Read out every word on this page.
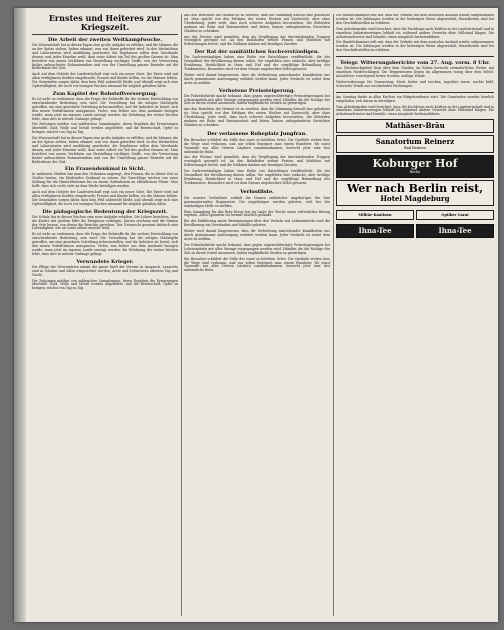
Ernstes und Heiteres zur Kriegszeit.
Die Arbeit der zweiten Weltkampfwoche.
Die Wissenschaft hat in diesen Tagen eine große Aufgabe zu erfüllen, und die Männer, die an der Spitze stehen, haben erkannt, was von ihnen gefordert wird. In den Werkstätten und Laboratorien wird unablässig gearbeitet; die Ergebnisse sollen dem Vaterlande dienen, und jeder Einzelne weiß, dass seine Arbeit ein Teil des großen Ganzen ist. Man berichtet von neuen Verfahren zur Herstellung wichtiger Stoffe, von der Verwertung bisher unbeachteter Rohmaterialien und von der Umstellung ganzer Betriebe auf die Bedürfnisse der Zeit.
Auch auf dem Gebiete der Landwirtschaft regt sich ein neuer Geist. Die Ernte wird mit allen verfügbaren Kräften eingebracht; Frauen und Kinder helfen, wo die Männer fehlen. Die Gemeinden sorgen dafür, dass kein Feld unbestellt bleibt, und überall zeigt sich eine Opferwilligkeit, die noch vor wenigen Wochen niemand für möglich gehalten hätte.
Zum Kapitel der Rohstoffversorgung.
Es ist nicht zu verkennen, dass die Frage der Rohstoffe für die weitere Entwicklung von entscheidender Bedeutung sein wird. Die Verwaltung hat die nötigen Maßregeln getroffen, um eine geordnete Verteilung sicherzustellen, und die Industrie ist bereit, sich den neuen Verhältnissen anzupassen. Vieles, was früher aus dem Auslande bezogen wurde, muss jetzt im eigenen Lande erzeugt werden; die Erfahrung der ersten Wochen lehrt, dass dies in weitem Umfange gelingt.
Die Zeitungen melden von zahlreichen Sammlungen, deren Ergebnis die Erwartungen übertrifft. Gold, Wolle und Metall werden abgeliefert, und die Bereitschaft, Opfer zu bringen, wächst von Tag zu Tag.
Die Wissenschaft hat in diesen Tagen eine große Aufgabe zu erfüllen, und die Männer, die an der Spitze stehen, haben erkannt, was von ihnen gefordert wird. In den Werkstätten und Laboratorien wird unablässig gearbeitet; die Ergebnisse sollen dem Vaterlande dienen, und jeder Einzelne weiß, dass seine Arbeit ein Teil des großen Ganzen ist. Man berichtet von neuen Verfahren zur Herstellung wichtiger Stoffe, von der Verwertung bisher unbeachteter Rohmaterialien und von der Umstellung ganzer Betriebe auf die Bedürfnisse der Zeit.
Ein Frauendenkmal in Sicht.
In mehreren Städten hat man den Gedanken angeregt, den Frauen, die in dieser Zeit so Großes leisten, ein bleibendes Denkmal zu setzen. Die Vorschläge reichen von einer Stiftung für die Hinterbliebenen bis zu einem Gedenkstein an öffentlichem Platze. Man hofft, dass sich recht viele an dem Werke beteiligen werden.
Auch auf dem Gebiete der Landwirtschaft regt sich ein neuer Geist. Die Ernte wird mit allen verfügbaren Kräften eingebracht; Frauen und Kinder helfen, wo die Männer fehlen. Die Gemeinden sorgen dafür, dass kein Feld unbestellt bleibt, und überall zeigt sich eine Opferwilligkeit, die noch vor wenigen Wochen niemand für möglich gehalten hätte.
Die pädagogische Bedeutung der Kriegszeit.
Die Schule hat in diesen Wochen eine neue Aufgabe erhalten. Die Lehrer berichten, dass die Kinder mit großem Eifer die Ereignisse verfolgen, Karten zeichnen und die Namen der Orte lernen, von denen die Berichte sprechen. Der Unterricht gewinnt dadurch eine Lebendigkeit, wie sie sonst selten erreicht wird.
Es ist nicht zu verkennen, dass die Frage der Rohstoffe für die weitere Entwicklung von entscheidender Bedeutung sein wird. Die Verwaltung hat die nötigen Maßregeln getroffen, um eine geordnete Verteilung sicherzustellen, und die Industrie ist bereit, sich den neuen Verhältnissen anzupassen. Vieles, was früher aus dem Auslande bezogen wurde, muss jetzt im eigenen Lande erzeugt werden; die Erfahrung der ersten Wochen lehrt, dass dies in weitem Umfange gelingt.
Verwundete Krieger.
Die Pflege der Verwundeten nimmt die ganze Kraft der Vereine in Anspruch. Lazarette sind in Schulen und Sälen eingerichtet worden; Ärzte und Schwestern arbeiten Tag und Nacht.
Die Zeitungen melden von zahlreichen Sammlungen, deren Ergebnis die Erwartungen übertrifft. Gold, Wolle und Metall werden abgeliefert, und die Bereitschaft, Opfer zu bringen, wächst von Tag zu Tag.
Aus den Berichten der Heimat ist zu ersehen, dass die Stimmung überall eine gehobene ist. Man spricht von den Erfolgen der ersten Wochen mit Zuversicht, aber ohne Überhebung; jeder weiß, dass noch schwere Aufgaben bevorstehen. Die Behörden mahnen zur Ruhe und Besonnenheit und bitten, keinen unbegründeten Gerüchten Glauben zu schenken.
Aus der Provinz wird gemeldet, dass die Verpflegung der durchziehenden Truppen vorzüglich geregelt ist. An den Bahnhöfen stehen Frauen und Mädchen mit Erfrischungen bereit, und die Soldaten danken mit freudigen Zurufen.
Der Rat der sanitätlichen Sachverständigen.
Die Sachverständigen haben eine Reihe von Ratschlägen veröffentlicht, die der Gesundheit der Bevölkerung dienen sollen. Sie empfehlen eine einfache, aber kräftige Ernährung, Reinlichkeit in Haus und Hof und die sorgfältige Behandlung des Trinkwassers. Besonders wird vor dem Genuss ungekochter Milch gewarnt.
Weiter wird darauf hingewiesen, dass die Verbreitung ansteckender Krankheiten nur durch gemeinsame Anstrengung verhütet werden kann. Jeder Verdacht ist sofort dem Arzte zu melden.
Verbotene Preissteigerung.
Die Polizeibehörde macht bekannt, dass gegen ungerechtfertigte Preissteigerungen bei Lebensmitteln mit aller Strenge vorgegangen werden wird. Händler, die die Notlage der Zeit zu ihrem Vorteil ausnutzen, haben empfindliche Strafen zu gewärtigen.
Aus den Berichten der Heimat ist zu ersehen, dass die Stimmung überall eine gehobene ist. Man spricht von den Erfolgen der ersten Wochen mit Zuversicht, aber ohne Überhebung; jeder weiß, dass noch schwere Aufgaben bevorstehen. Die Behörden mahnen zur Ruhe und Besonnenheit und bitten, keinen unbegründeten Gerüchten Glauben zu schenken.
Der verlassene Ruheplatz Jungfrau.
Ein Besucher schildert die Stille des sonst so belebten Ortes. Die Gasthöfe stehen leer, die Wege sind verlassen, und nur selten begegnet man einem Wanderer. Wo sonst Tausende aus aller Herren Ländern zusammenkamen, herrscht jetzt eine fast unheimliche Ruhe.
Aus der Provinz wird gemeldet, dass die Verpflegung der durchziehenden Truppen vorzüglich geregelt ist. An den Bahnhöfen stehen Frauen und Mädchen mit Erfrischungen bereit, und die Soldaten danken mit freudigen Zurufen.
Die Sachverständigen haben eine Reihe von Ratschlägen veröffentlicht, die der Gesundheit der Bevölkerung dienen sollen. Sie empfehlen eine einfache, aber kräftige Ernährung, Reinlichkeit in Haus und Hof und die sorgfältige Behandlung des Trinkwassers. Besonders wird vor dem Genuss ungekochter Milch gewarnt.
Verlustliste.
Die neueste Verlustliste enthält die Namen zahlreicher Angehöriger der hier garnisonierenden Regimenter. Die Angehörigen werden gebeten, sich bei der zuständigen Stelle zu melden.
Eine Sammlung für das Rote Kreuz hat im Laufe der Woche einen erfreulichen Betrag ergeben. Allen Spendern sei hiermit herzlich gedankt.
Bei der Einführung neuer Bestimmungen über den Verkehr mit Lebensmitteln wird die Bevölkerung um Verständnis und Mithilfe gebeten.
Weiter wird darauf hingewiesen, dass die Verbreitung ansteckender Krankheiten nur durch gemeinsame Anstrengung verhütet werden kann. Jeder Verdacht ist sofort dem Arzte zu melden.
Die Polizeibehörde macht bekannt, dass gegen ungerechtfertigte Preissteigerungen bei Lebensmitteln mit aller Strenge vorgegangen werden wird. Händler, die die Notlage der Zeit zu ihrem Vorteil ausnutzen, haben empfindliche Strafen zu gewärtigen.
Ein Besucher schildert die Stille des sonst so belebten Ortes. Die Gasthöfe stehen leer, die Wege sind verlassen, und nur selten begegnet man einem Wanderer. Wo sonst Tausende aus aller Herren Ländern zusammenkamen, herrscht jetzt eine fast unheimliche Ruhe.
Die Handelskammer teilt mit, dass der Verkehr mit dem neutralen Ausland wieder aufgenommen worden ist. Die Zahlungen werden in der bisherigen Weise abgewickelt; Einzelheiten sind bei den Geschäftsstellen zu erfahren.
Vom Arbeitsmarkte wird berichtet, dass die Nachfrage nach Kräften in der Landwirtschaft und in einzelnen Industriezweigen lebhaft ist, während andere Gewerbe über Stillstand klagen. Die Arbeitsnachweise sind bemüht, einen Ausgleich herbeizuführen.
Die Handelskammer teilt mit, dass der Verkehr mit dem neutralen Ausland wieder aufgenommen worden ist. Die Zahlungen werden in der bisherigen Weise abgewickelt; Einzelheiten sind bei den Geschäftsstellen zu erfahren.
Telegr. Witterungsberichte vom 27. Aug. vorm. 8 Uhr.
Das Hochdruckgebiet liegt über dem Norden; im Süden herrscht veränderliches Wetter mit einzelnen Niederschlägen. Die Temperaturen liegen im allgemeinen wenig über dem Mittel. Aussichten: vorwiegend heiter, trocken, mäßige Winde.
Wettervorhersage für Donnerstag: Meist heiter und trocken, tagsüber warm, nachts kühl. Schwache Winde aus wechselnden Richtungen.
Am Sonntag findet in allen Kirchen ein Bittgottesdienst statt. Die Gemeinden werden herzlich eingeladen, sich daran zu beteiligen.
Vom Arbeitsmarkte wird berichtet, dass die Nachfrage nach Kräften in der Landwirtschaft und in einzelnen Industriezweigen lebhaft ist, während andere Gewerbe über Stillstand klagen. Die Arbeitsnachweise sind bemüht, einen Ausgleich herbeizuführen.
Mathäser-Bräu
Sanatorium Reinerz
Bad Reinerz
Koburger Hof
Berlin
Wer nach Berlin reist,
Hotel Magdeburg
Militär-Kantinen	Optiker Garni
Ihna-Tee	Ihna-Tee
